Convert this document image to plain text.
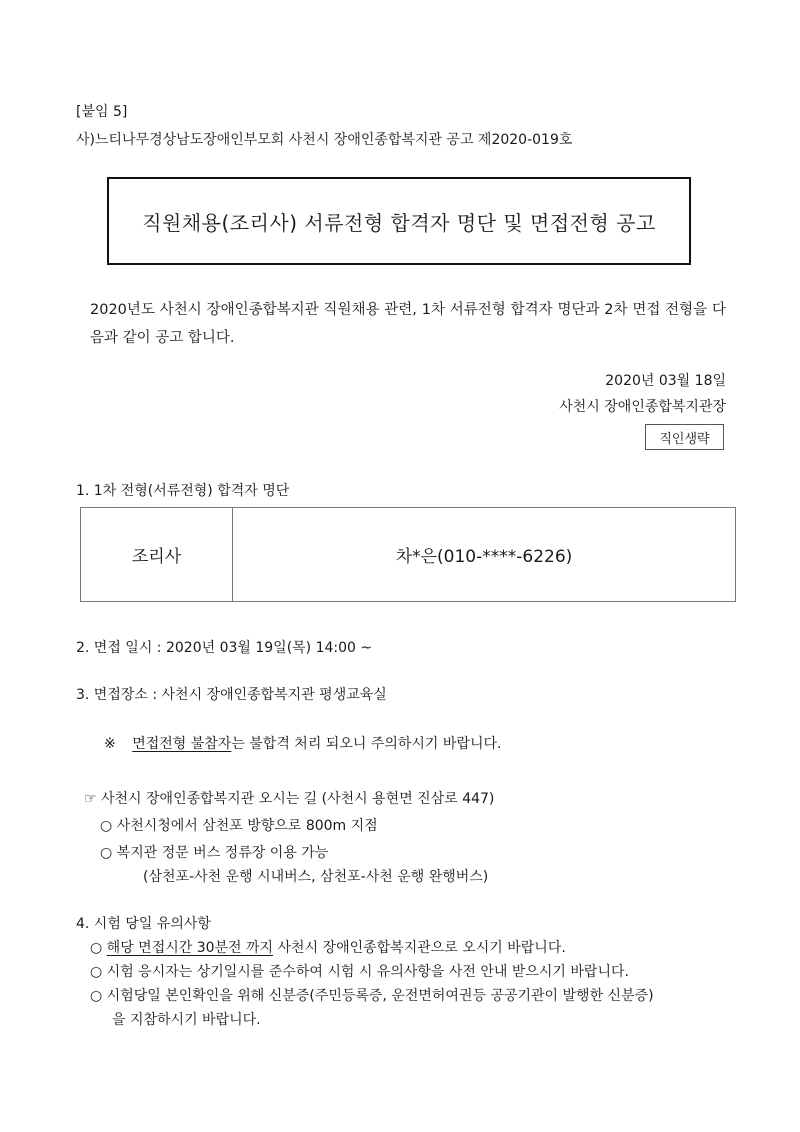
[붙임 5]
사)느티나무경상남도장애인부모회 사천시 장애인종합복지관 공고 제2020-019호
직원채용(조리사) 서류전형 합격자 명단 및 면접전형 공고
2020년도 사천시 장애인종합복지관 직원채용 관련, 1차 서류전형 합격자 명단과 2차 면접 전형을 다음과 같이 공고 합니다.
2020년 03월 18일
사천시 장애인종합복지관장
직인생략
1. 1차 전형(서류전형) 합격자 명단
조리사	차*은(010-****-6226)
2. 면접 일시 : 2020년 03월 19일(목) 14:00 ~
3. 면접장소 : 사천시 장애인종합복지관 평생교육실
※ 면접전형 불참자는 불합격 처리 되오니 주의하시기 바랍니다.
☞ 사천시 장애인종합복지관 오시는 길 (사천시 용현면 진삼로 447)
○ 사천시청에서 삼천포 방향으로 800m 지점
○ 복지관 정문 버스 정류장 이용 가능
(삼천포-사천 운행 시내버스, 삼천포-사천 운행 완행버스)
4. 시험 당일 유의사항
○ 해당 면접시간 30분전 까지 사천시 장애인종합복지관으로 오시기 바랍니다.
○ 시험 응시자는 상기일시를 준수하여 시험 시 유의사항을 사전 안내 받으시기 바랍니다.
○ 시험당일 본인확인을 위해 신분증(주민등록증, 운전면허여권등 공공기관이 발행한 신분증)
을 지참하시기 바랍니다.
